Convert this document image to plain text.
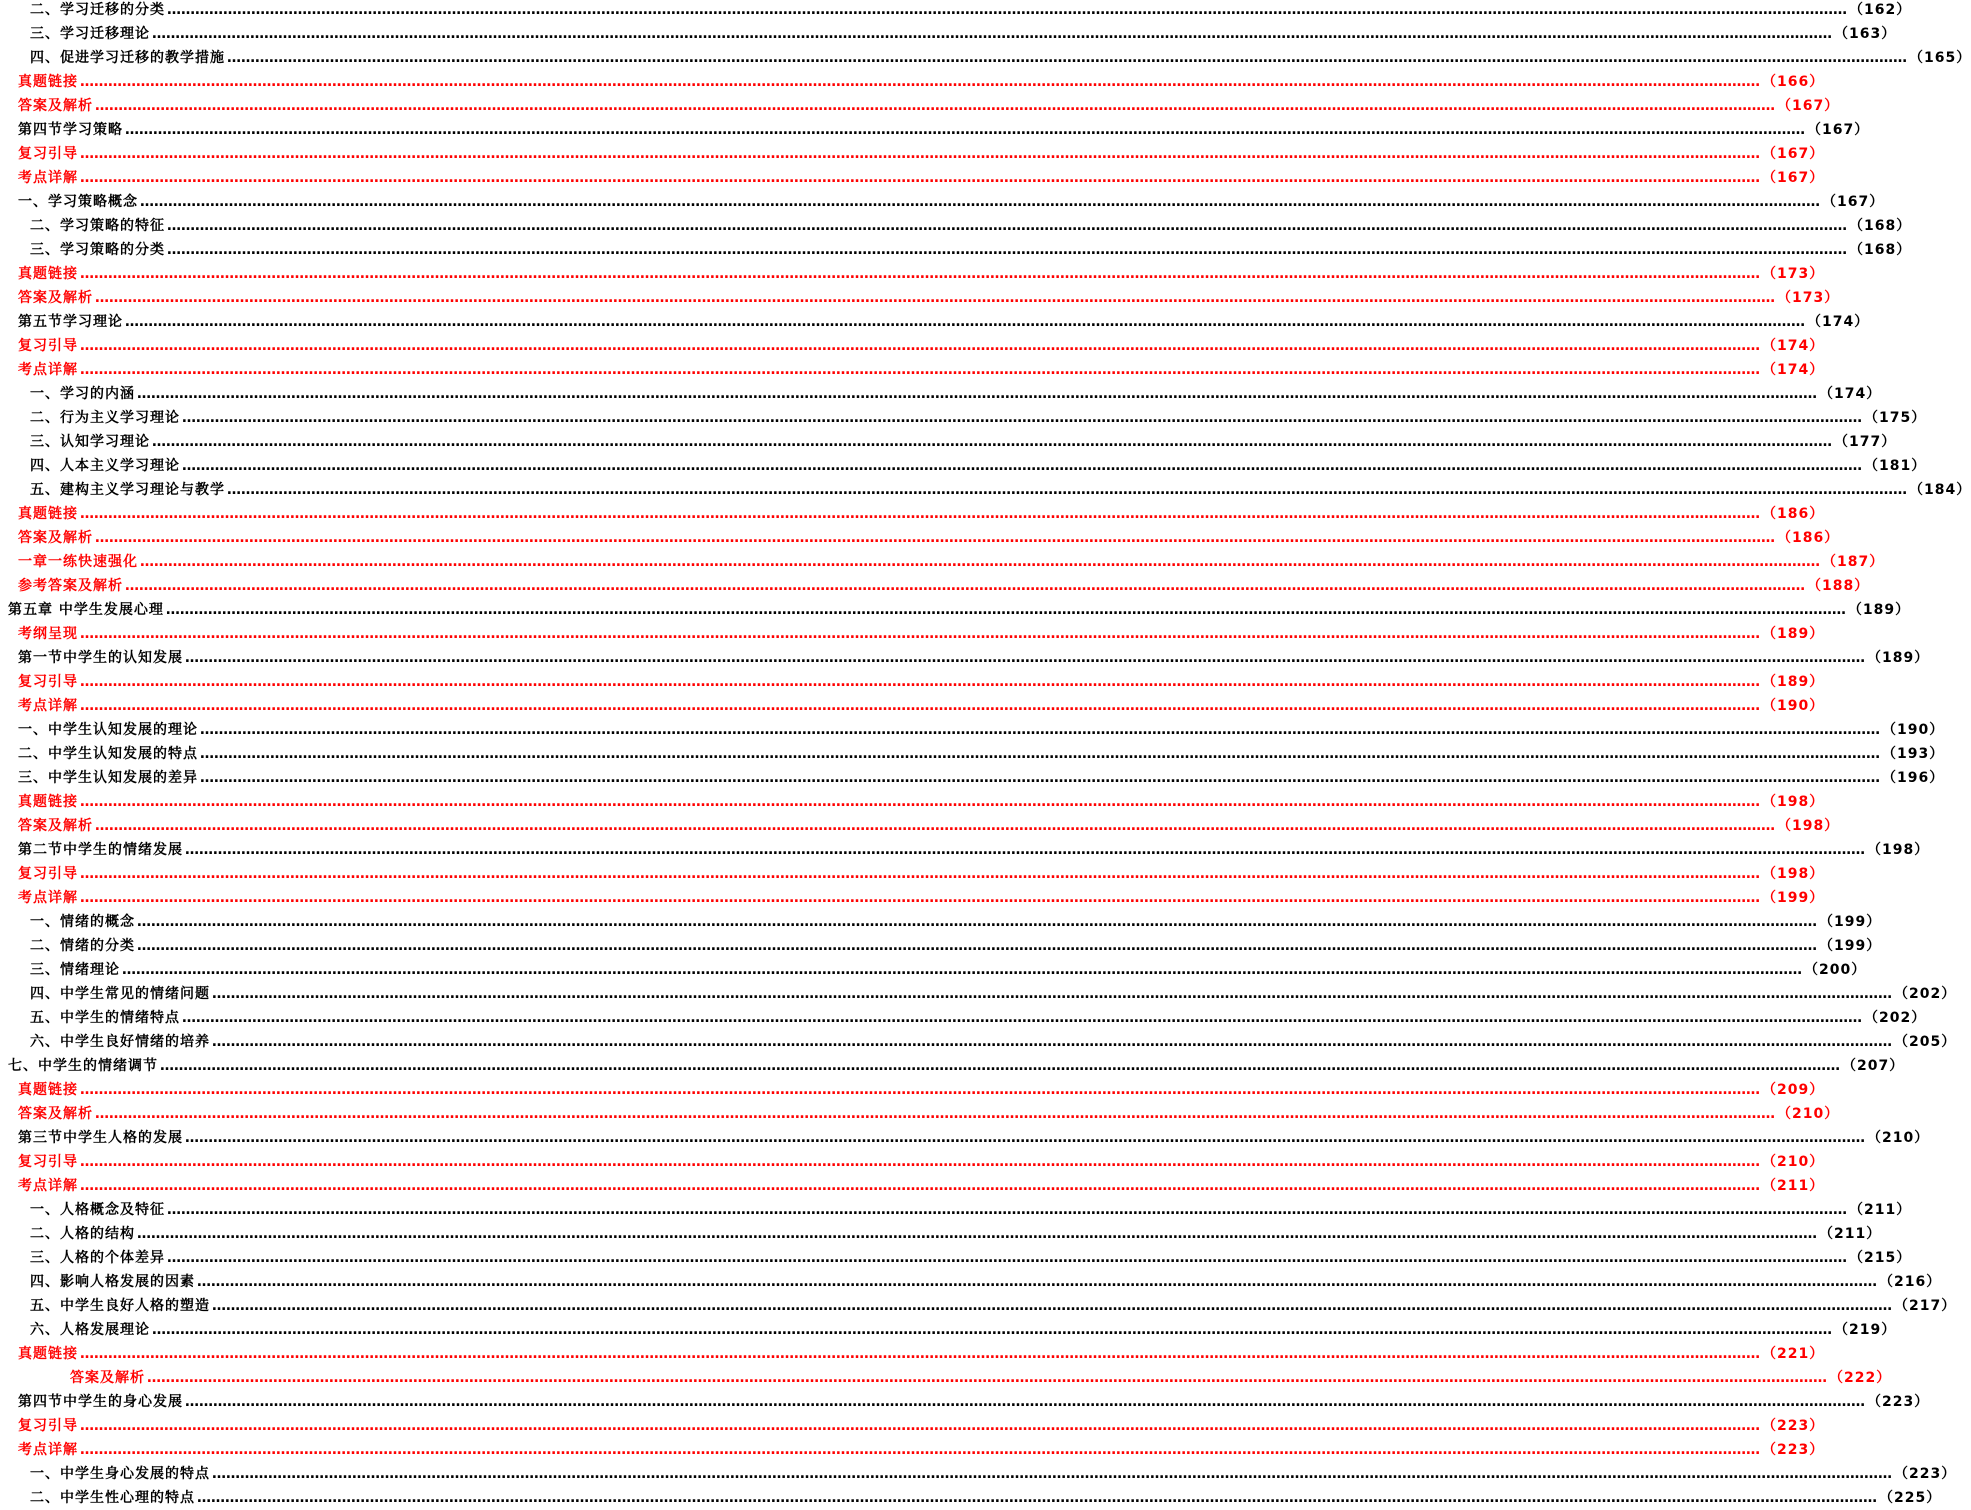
二、学习迁移的分类 ……………………………………………………………………………………………………………………………………………………………………………………………………………………………………………………………………………………………………………………………… （162）
三、学习迁移理论 ……………………………………………………………………………………………………………………………………………………………………………………………………………………………………………………………………………………………………………………………… （163）
四、促进学习迁移的教学措施 ……………………………………………………………………………………………………………………………………………………………………………………………………………………………………………………………………………………………………………………………… （165）
真题链接 ……………………………………………………………………………………………………………………………………………………………………………………………………………………………………………………………………………………………………………………………… （166）
答案及解析 ……………………………………………………………………………………………………………………………………………………………………………………………………………………………………………………………………………………………………………………………… （167）
第四节学习策略 ……………………………………………………………………………………………………………………………………………………………………………………………………………………………………………………………………………………………………………………………… （167）
复习引导 ……………………………………………………………………………………………………………………………………………………………………………………………………………………………………………………………………………………………………………………………… （167）
考点详解 ……………………………………………………………………………………………………………………………………………………………………………………………………………………………………………………………………………………………………………………………… （167）
一、学习策略概念 ……………………………………………………………………………………………………………………………………………………………………………………………………………………………………………………………………………………………………………………………… （167）
二、学习策略的特征 ……………………………………………………………………………………………………………………………………………………………………………………………………………………………………………………………………………………………………………………………… （168）
三、学习策略的分类 ……………………………………………………………………………………………………………………………………………………………………………………………………………………………………………………………………………………………………………………………… （168）
真题链接 ……………………………………………………………………………………………………………………………………………………………………………………………………………………………………………………………………………………………………………………………… （173）
答案及解析 ……………………………………………………………………………………………………………………………………………………………………………………………………………………………………………………………………………………………………………………………… （173）
第五节学习理论 ……………………………………………………………………………………………………………………………………………………………………………………………………………………………………………………………………………………………………………………………… （174）
复习引导 ……………………………………………………………………………………………………………………………………………………………………………………………………………………………………………………………………………………………………………………………… （174）
考点详解 ……………………………………………………………………………………………………………………………………………………………………………………………………………………………………………………………………………………………………………………………… （174）
一、学习的内涵 ……………………………………………………………………………………………………………………………………………………………………………………………………………………………………………………………………………………………………………………………… （174）
二、行为主义学习理论 ……………………………………………………………………………………………………………………………………………………………………………………………………………………………………………………………………………………………………………………………… （175）
三、认知学习理论 ……………………………………………………………………………………………………………………………………………………………………………………………………………………………………………………………………………………………………………………………… （177）
四、人本主义学习理论 ……………………………………………………………………………………………………………………………………………………………………………………………………………………………………………………………………………………………………………………………… （181）
五、建构主义学习理论与教学 ……………………………………………………………………………………………………………………………………………………………………………………………………………………………………………………………………………………………………………………………… （184）
真题链接 ……………………………………………………………………………………………………………………………………………………………………………………………………………………………………………………………………………………………………………………………… （186）
答案及解析 ……………………………………………………………………………………………………………………………………………………………………………………………………………………………………………………………………………………………………………………………… （186）
一章一练快速强化 ……………………………………………………………………………………………………………………………………………………………………………………………………………………………………………………………………………………………………………………………… （187）
参考答案及解析 ……………………………………………………………………………………………………………………………………………………………………………………………………………………………………………………………………………………………………………………………… （188）
第五章 中学生发展心理 ……………………………………………………………………………………………………………………………………………………………………………………………………………………………………………………………………………………………………………………………… （189）
考纲呈现 ……………………………………………………………………………………………………………………………………………………………………………………………………………………………………………………………………………………………………………………………… （189）
第一节中学生的认知发展 ……………………………………………………………………………………………………………………………………………………………………………………………………………………………………………………………………………………………………………………………… （189）
复习引导 ……………………………………………………………………………………………………………………………………………………………………………………………………………………………………………………………………………………………………………………………… （189）
考点详解 ……………………………………………………………………………………………………………………………………………………………………………………………………………………………………………………………………………………………………………………………… （190）
一、中学生认知发展的理论 ……………………………………………………………………………………………………………………………………………………………………………………………………………………………………………………………………………………………………………………………… （190）
二、中学生认知发展的特点 ……………………………………………………………………………………………………………………………………………………………………………………………………………………………………………………………………………………………………………………………… （193）
三、中学生认知发展的差异 ……………………………………………………………………………………………………………………………………………………………………………………………………………………………………………………………………………………………………………………………… （196）
真题链接 ……………………………………………………………………………………………………………………………………………………………………………………………………………………………………………………………………………………………………………………………… （198）
答案及解析 ……………………………………………………………………………………………………………………………………………………………………………………………………………………………………………………………………………………………………………………………… （198）
第二节中学生的情绪发展 ……………………………………………………………………………………………………………………………………………………………………………………………………………………………………………………………………………………………………………………………… （198）
复习引导 ……………………………………………………………………………………………………………………………………………………………………………………………………………………………………………………………………………………………………………………………… （198）
考点详解 ……………………………………………………………………………………………………………………………………………………………………………………………………………………………………………………………………………………………………………………………… （199）
一、情绪的概念 ……………………………………………………………………………………………………………………………………………………………………………………………………………………………………………………………………………………………………………………………… （199）
二、情绪的分类 ……………………………………………………………………………………………………………………………………………………………………………………………………………………………………………………………………………………………………………………………… （199）
三、情绪理论 ……………………………………………………………………………………………………………………………………………………………………………………………………………………………………………………………………………………………………………………………… （200）
四、中学生常见的情绪问题 ……………………………………………………………………………………………………………………………………………………………………………………………………………………………………………………………………………………………………………………………… （202）
五、中学生的情绪特点 ……………………………………………………………………………………………………………………………………………………………………………………………………………………………………………………………………………………………………………………………… （202）
六、中学生良好情绪的培养 ……………………………………………………………………………………………………………………………………………………………………………………………………………………………………………………………………………………………………………………………… （205）
七、中学生的情绪调节 ……………………………………………………………………………………………………………………………………………………………………………………………………………………………………………………………………………………………………………………………… （207）
真题链接 ……………………………………………………………………………………………………………………………………………………………………………………………………………………………………………………………………………………………………………………………… （209）
答案及解析 ……………………………………………………………………………………………………………………………………………………………………………………………………………………………………………………………………………………………………………………………… （210）
第三节中学生人格的发展 ……………………………………………………………………………………………………………………………………………………………………………………………………………………………………………………………………………………………………………………………… （210）
复习引导 ……………………………………………………………………………………………………………………………………………………………………………………………………………………………………………………………………………………………………………………………… （210）
考点详解 ……………………………………………………………………………………………………………………………………………………………………………………………………………………………………………………………………………………………………………………………… （211）
一、人格概念及特征 ……………………………………………………………………………………………………………………………………………………………………………………………………………………………………………………………………………………………………………………………… （211）
二、人格的结构 ……………………………………………………………………………………………………………………………………………………………………………………………………………………………………………………………………………………………………………………………… （211）
三、人格的个体差异 ……………………………………………………………………………………………………………………………………………………………………………………………………………………………………………………………………………………………………………………………… （215）
四、影响人格发展的因素 ……………………………………………………………………………………………………………………………………………………………………………………………………………………………………………………………………………………………………………………………… （216）
五、中学生良好人格的塑造 ……………………………………………………………………………………………………………………………………………………………………………………………………………………………………………………………………………………………………………………………… （217）
六、人格发展理论 ……………………………………………………………………………………………………………………………………………………………………………………………………………………………………………………………………………………………………………………………… （219）
真题链接 ……………………………………………………………………………………………………………………………………………………………………………………………………………………………………………………………………………………………………………………………… （221）
答案及解析 ……………………………………………………………………………………………………………………………………………………………………………………………………………………………………………………………………………………………………………………………… （222）
第四节中学生的身心发展 ……………………………………………………………………………………………………………………………………………………………………………………………………………………………………………………………………………………………………………………………… （223）
复习引导 ……………………………………………………………………………………………………………………………………………………………………………………………………………………………………………………………………………………………………………………………… （223）
考点详解 ……………………………………………………………………………………………………………………………………………………………………………………………………………………………………………………………………………………………………………………………… （223）
一、中学生身心发展的特点 ……………………………………………………………………………………………………………………………………………………………………………………………………………………………………………………………………………………………………………………………… （223）
二、中学生性心理的特点 ……………………………………………………………………………………………………………………………………………………………………………………………………………………………………………………………………………………………………………………………… （225）
